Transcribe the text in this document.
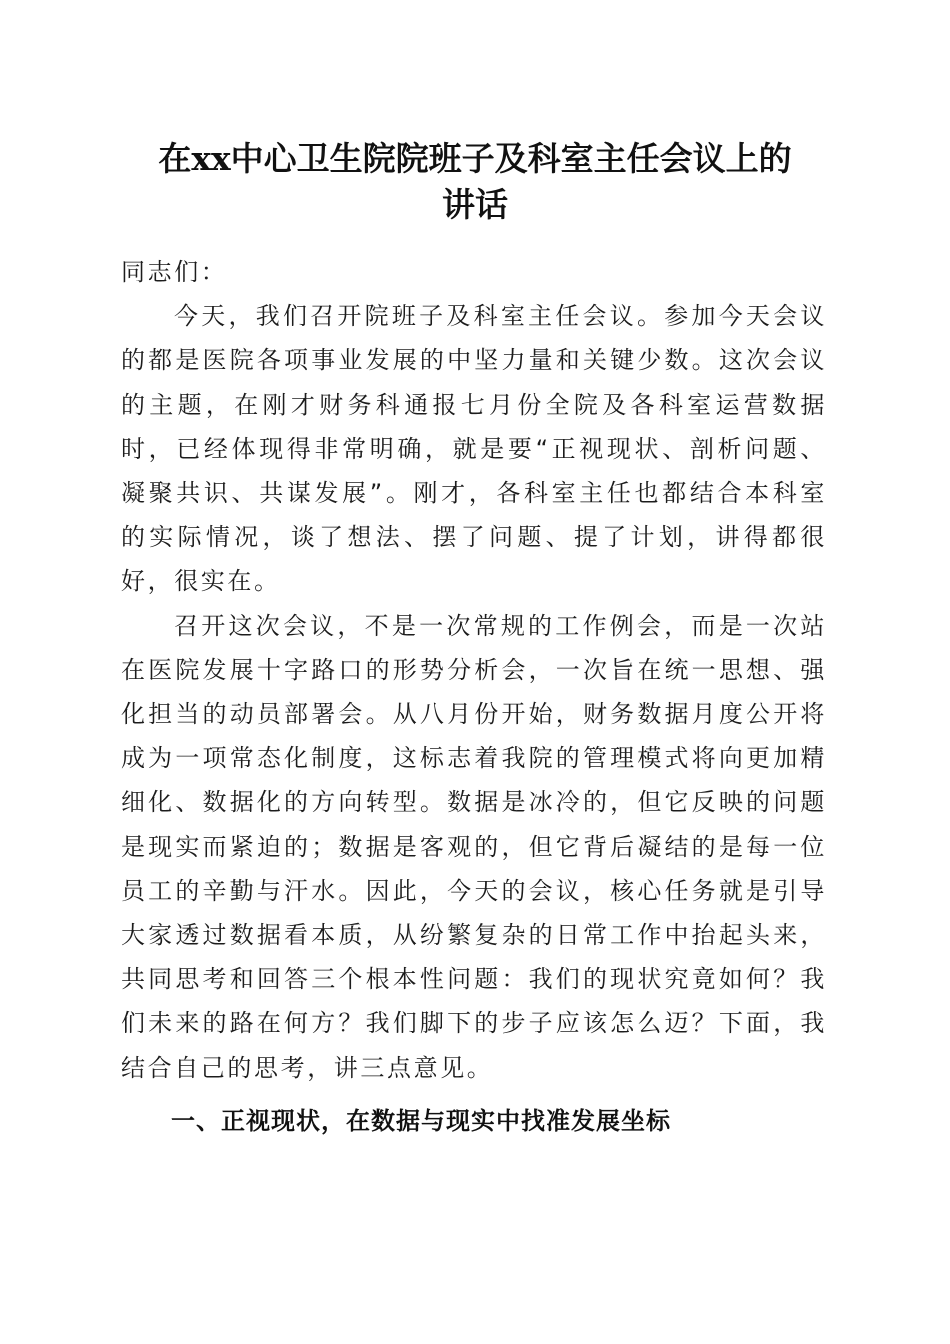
在xx中心卫生院院班子及科室主任会议上的
讲话

同志们：

今天，我们召开院班子及科室主任会议。参加今天会议的都是医院各项事业发展的中坚力量和关键少数。这次会议的主题，在刚才财务科通报七月份全院及各科室运营数据时，已经体现得非常明确，就是要“正视现状、剖析问题、凝聚共识、共谋发展”。刚才，各科室主任也都结合本科室的实际情况，谈了想法、摆了问题、提了计划，讲得都很好，很实在。

召开这次会议，不是一次常规的工作例会，而是一次站在医院发展十字路口的形势分析会，一次旨在统一思想、强化担当的动员部署会。从八月份开始，财务数据月度公开将成为一项常态化制度，这标志着我院的管理模式将向更加精细化、数据化的方向转型。数据是冰冷的，但它反映的问题是现实而紧迫的；数据是客观的，但它背后凝结的是每一位员工的辛勤与汗水。因此，今天的会议，核心任务就是引导大家透过数据看本质，从纷繁复杂的日常工作中抬起头来，共同思考和回答三个根本性问题：我们的现状究竟如何？我们未来的路在何方？我们脚下的步子应该怎么迈？下面，我结合自己的思考，讲三点意见。

一、正视现状，在数据与现实中找准发展坐标
